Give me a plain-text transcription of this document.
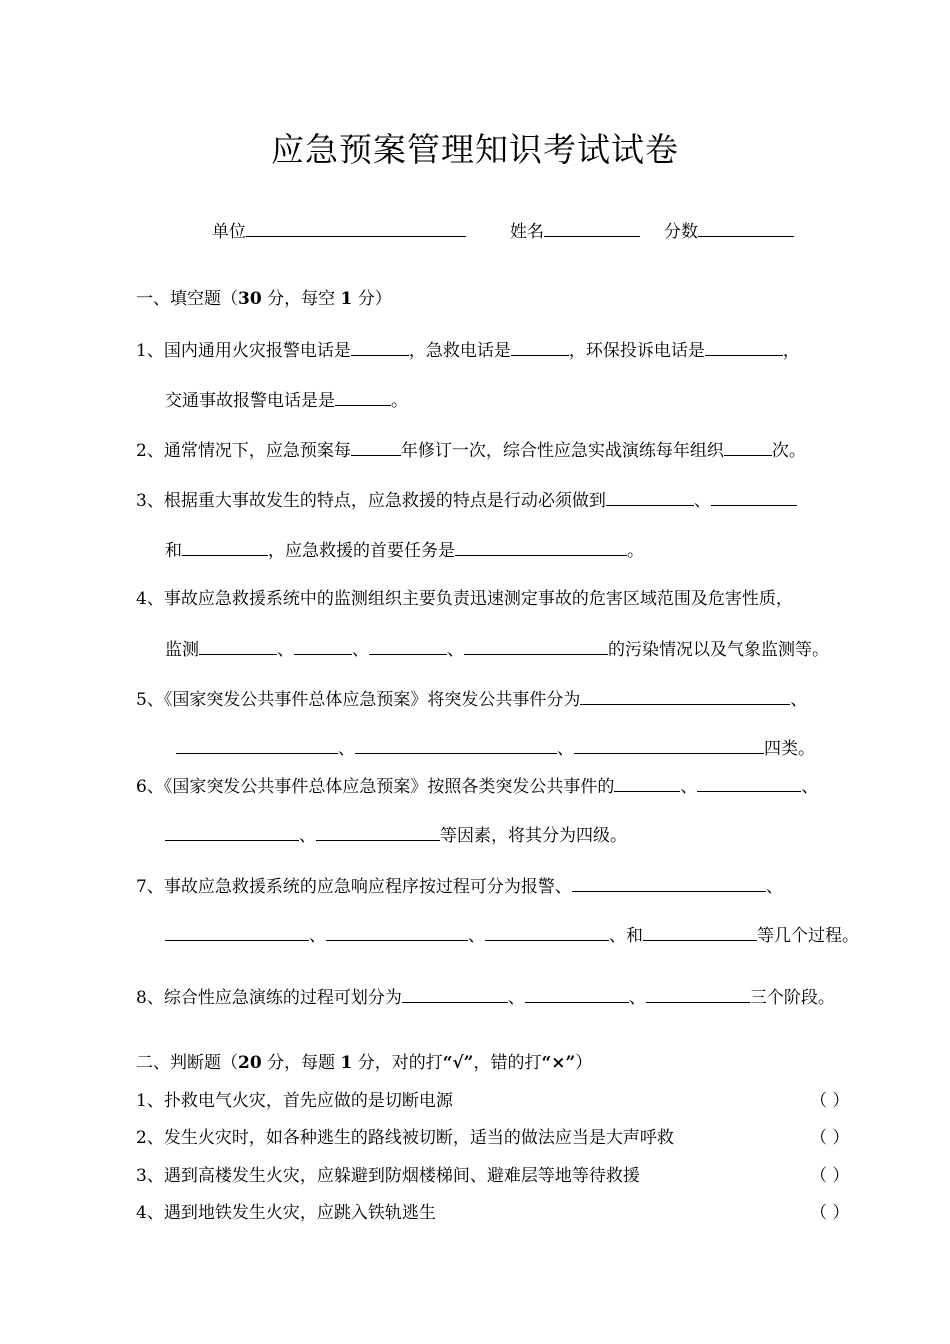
应急预案管理知识考试试卷
单位	姓名	分数
一、填空题（30 分，每空 1 分）
1、国内通用火灾报警电话是	，急救电话是	，环保投诉电话是	，
交通事故报警电话是是	。
2、通常情况下，应急预案每	年修订一次，综合性应急实战演练每年组织	次。
3、根据重大事故发生的特点，应急救援的特点是行动必须做到	、
和	，应急救援的首要任务是	。
4、事故应急救援系统中的监测组织主要负责迅速测定事故的危害区域范围及危害性质，
监测	、	、	、	的污染情况以及气象监测等。
5、《国家突发公共事件总体应急预案》将突发公共事件分为	、
、	、	四类。
6、《国家突发公共事件总体应急预案》按照各类突发公共事件的	、	、
、	等因素，将其分为四级。
7、事故应急救援系统的应急响应程序按过程可分为报警、	、
、	、	、和	等几个过程。
8、综合性应急演练的过程可划分为	、	、	三个阶段。
二、判断题（20 分，每题 1 分，对的打“√”，错的打“×”）
1、扑救电气火灾，首先应做的是切断电源	（ ）
2、发生火灾时，如各种逃生的路线被切断，适当的做法应当是大声呼救	（ ）
3、遇到高楼发生火灾，应躲避到防烟楼梯间、避难层等地等待救援	（ ）
4、遇到地铁发生火灾，应跳入铁轨逃生	（ ）
